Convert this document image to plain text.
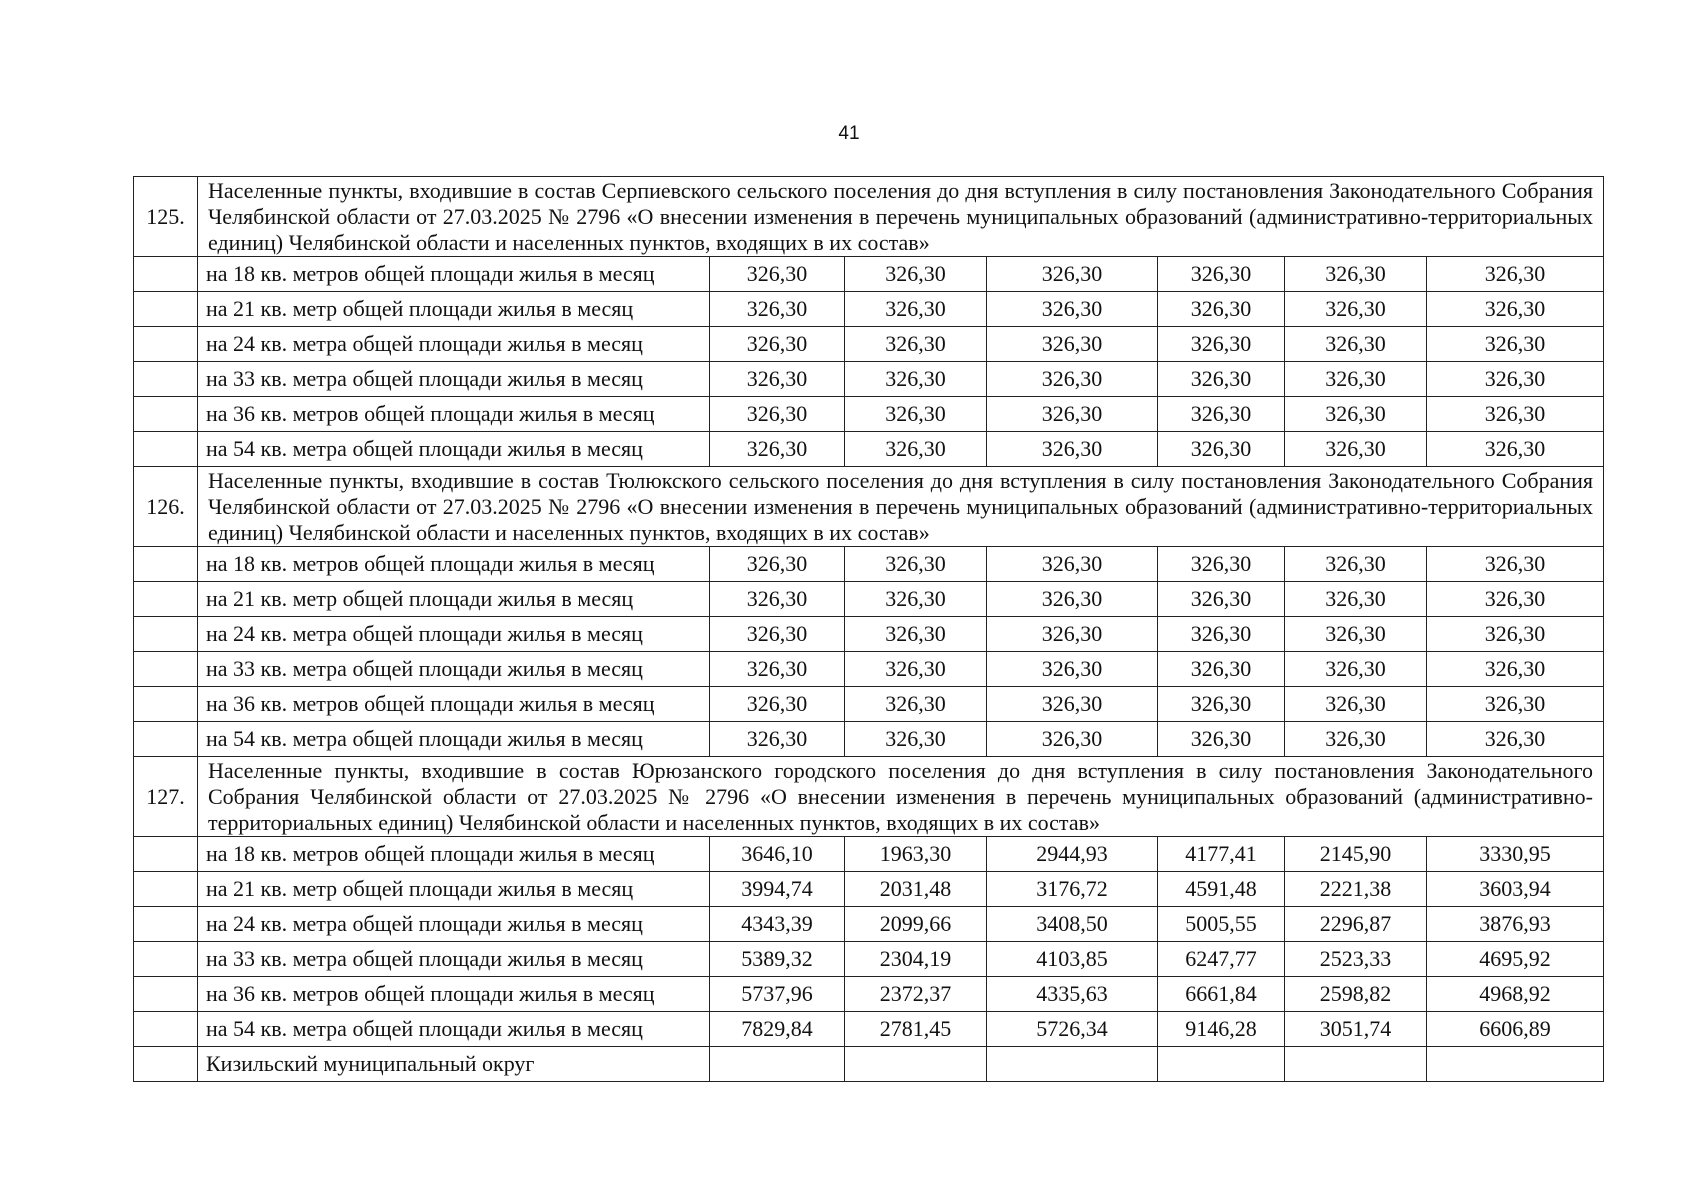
41
125.	Населенные пункты, входившие в состав Серпиевского сельского поселения до дня вступления в силу постановления Законодательного Собрания Челябинской области от 27.03.2025 № 2796 «О внесении изменения в перечень муниципальных образований (административно-территориальных единиц) Челябинской области и населенных пунктов, входящих в их состав»						
	на 18 кв. метров общей площади жилья в месяц	326,30	326,30	326,30	326,30	326,30	326,30
	на 21 кв. метр общей площади жилья в месяц	326,30	326,30	326,30	326,30	326,30	326,30
	на 24 кв. метра общей площади жилья в месяц	326,30	326,30	326,30	326,30	326,30	326,30
	на 33 кв. метра общей площади жилья в месяц	326,30	326,30	326,30	326,30	326,30	326,30
	на 36 кв. метров общей площади жилья в месяц	326,30	326,30	326,30	326,30	326,30	326,30
	на 54 кв. метра общей площади жилья в месяц	326,30	326,30	326,30	326,30	326,30	326,30
126.	Населенные пункты, входившие в состав Тюлюкского сельского поселения до дня вступления в силу постановления Законодательного Собрания Челябинской области от 27.03.2025 № 2796 «О внесении изменения в перечень муниципальных образований (административно-территориальных единиц) Челябинской области и населенных пунктов, входящих в их состав»						
	на 18 кв. метров общей площади жилья в месяц	326,30	326,30	326,30	326,30	326,30	326,30
	на 21 кв. метр общей площади жилья в месяц	326,30	326,30	326,30	326,30	326,30	326,30
	на 24 кв. метра общей площади жилья в месяц	326,30	326,30	326,30	326,30	326,30	326,30
	на 33 кв. метра общей площади жилья в месяц	326,30	326,30	326,30	326,30	326,30	326,30
	на 36 кв. метров общей площади жилья в месяц	326,30	326,30	326,30	326,30	326,30	326,30
	на 54 кв. метра общей площади жилья в месяц	326,30	326,30	326,30	326,30	326,30	326,30
127.	Населенные пункты, входившие в состав Юрюзанского городского поселения до дня вступления в силу постановления Законодательного Собрания Челябинской области от 27.03.2025 № 2796 «О внесении изменения в перечень муниципальных образований (административно-территориальных единиц) Челябинской области и населенных пунктов, входящих в их состав»						
	на 18 кв. метров общей площади жилья в месяц	3646,10	1963,30	2944,93	4177,41	2145,90	3330,95
	на 21 кв. метр общей площади жилья в месяц	3994,74	2031,48	3176,72	4591,48	2221,38	3603,94
	на 24 кв. метра общей площади жилья в месяц	4343,39	2099,66	3408,50	5005,55	2296,87	3876,93
	на 33 кв. метра общей площади жилья в месяц	5389,32	2304,19	4103,85	6247,77	2523,33	4695,92
	на 36 кв. метров общей площади жилья в месяц	5737,96	2372,37	4335,63	6661,84	2598,82	4968,92
	на 54 кв. метра общей площади жилья в месяц	7829,84	2781,45	5726,34	9146,28	3051,74	6606,89
	Кизильский муниципальный округ						
